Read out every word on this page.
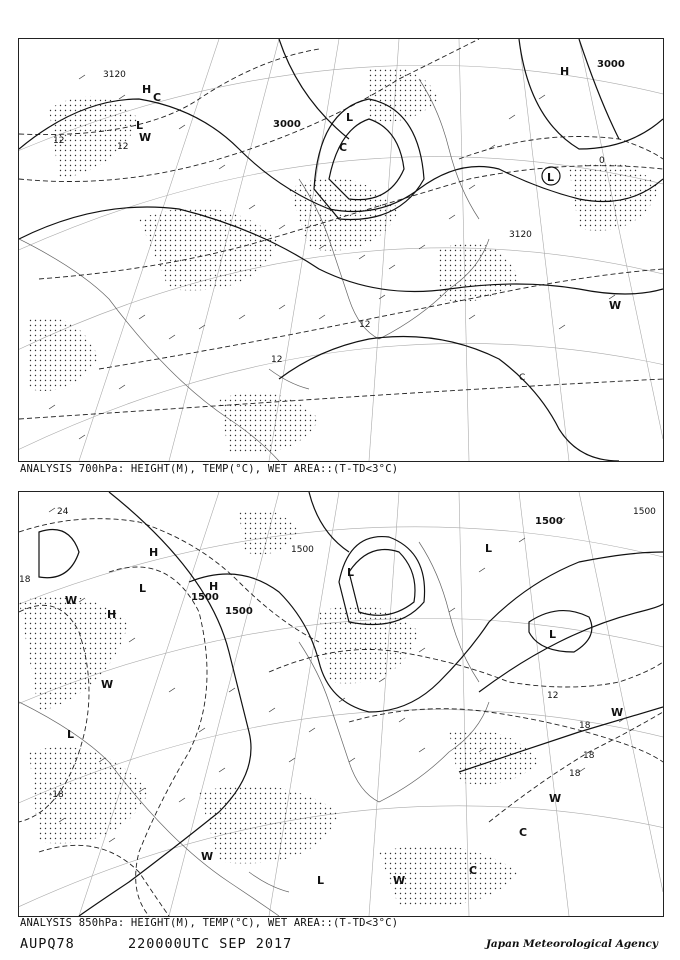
3000
3120
3000
3120
12
12
12
12
0
C
H
H
L
L
L
W
W
C
C
ANALYSIS 700hPa: HEIGHT(M), TEMP(°C), WET AREA::(T-TD<3°C)
1500
1500
1500
1500
1500
24
18
12
18
18
-18
18
H
H
H
L
L
L
L
L
L
W
W
W
W
W
W
C
C
ANALYSIS 850hPa: HEIGHT(M), TEMP(°C), WET AREA::(T-TD<3°C)
AUPQ78	220000UTC SEP 2017	Japan Meteorological Agency
